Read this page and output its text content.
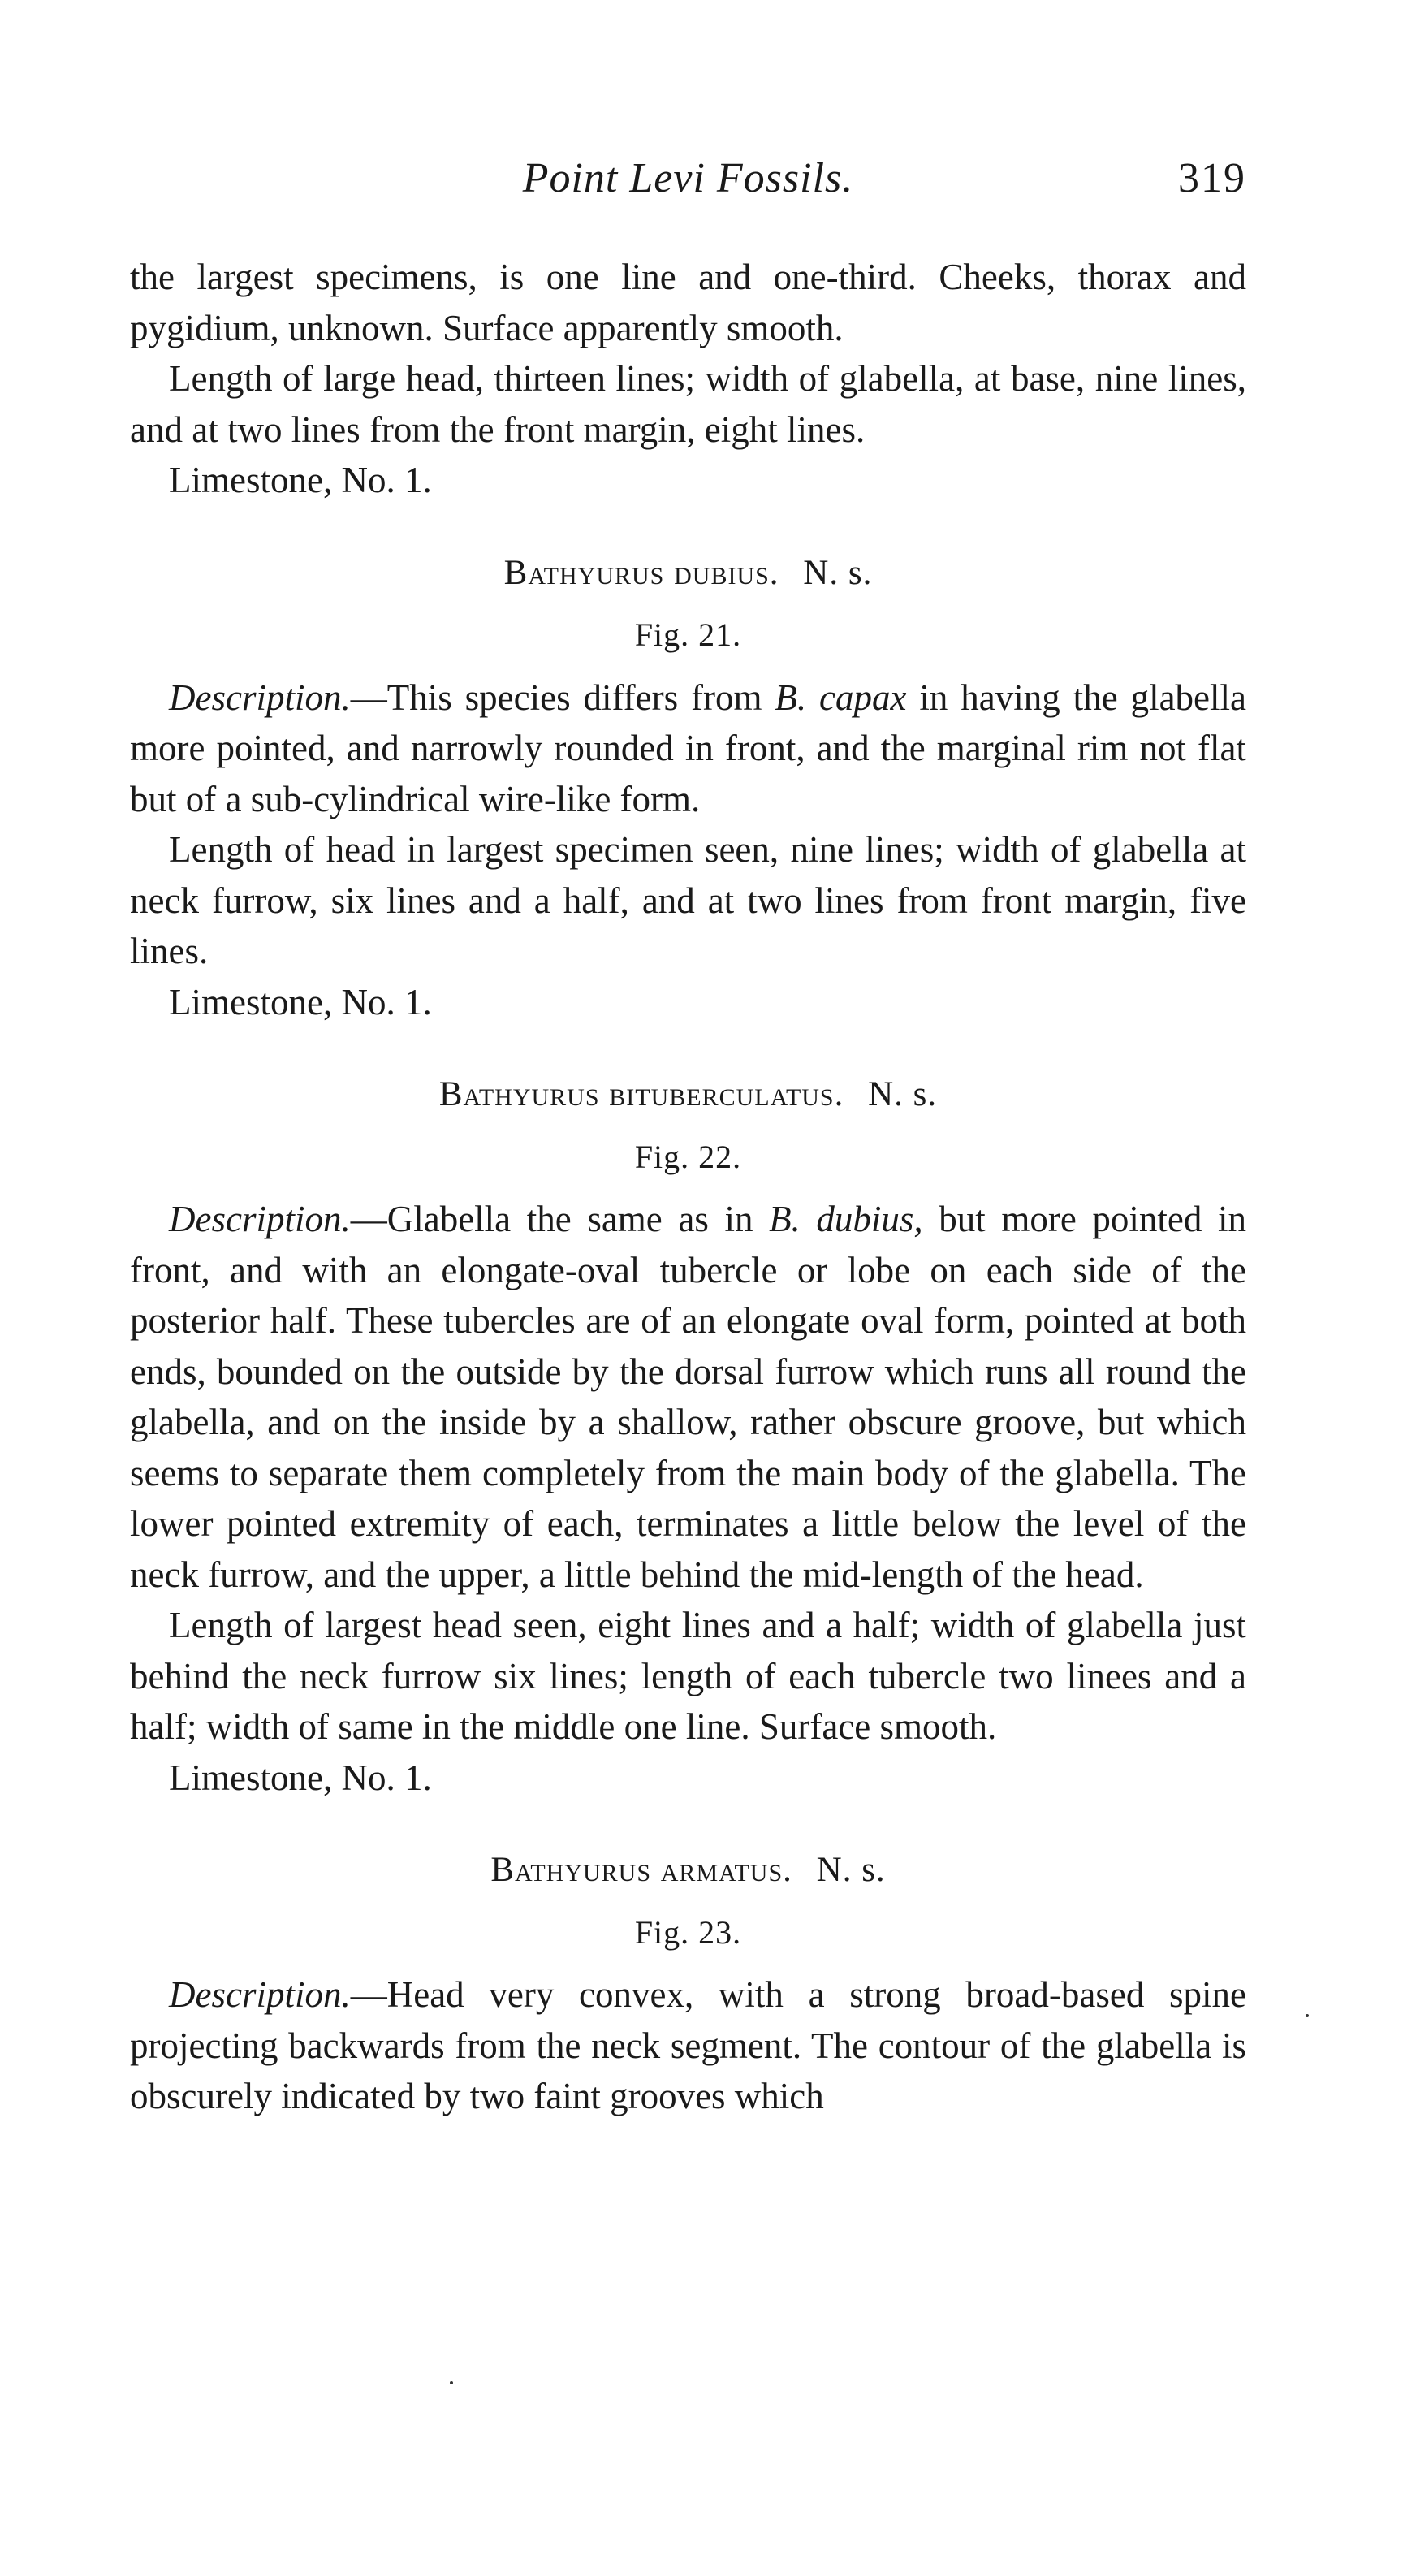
Point Levi Fossils.	319

the largest specimens, is one line and one-third. Cheeks, thorax and pygidium, unknown. Surface apparently smooth.

Length of large head, thirteen lines; width of glabella, at base, nine lines, and at two lines from the front margin, eight lines.

Limestone, No. 1.

Bathyurus dubius. N. s.
Fig. 21.

Description.—This species differs from B. capax in having the glabella more pointed, and narrowly rounded in front, and the marginal rim not flat but of a sub-cylindrical wire-like form.

Length of head in largest specimen seen, nine lines; width of glabella at neck furrow, six lines and a half, and at two lines from front margin, five lines.

Limestone, No. 1.

Bathyurus bituberculatus. N. s.
Fig. 22.

Description.—Glabella the same as in B. dubius, but more pointed in front, and with an elongate-oval tubercle or lobe on each side of the posterior half. These tubercles are of an elongate oval form, pointed at both ends, bounded on the outside by the dorsal furrow which runs all round the glabella, and on the inside by a shallow, rather obscure groove, but which seems to separate them completely from the main body of the glabella. The lower pointed extremity of each, terminates a little below the level of the neck furrow, and the upper, a little behind the mid-length of the head.

Length of largest head seen, eight lines and a half; width of glabella just behind the neck furrow six lines; length of each tubercle two linees and a half; width of same in the middle one line. Surface smooth.

Limestone, No. 1.

Bathyurus armatus. N. s.
Fig. 23.

Description.—Head very convex, with a strong broad-based spine projecting backwards from the neck segment. The contour of the glabella is obscurely indicated by two faint grooves which
